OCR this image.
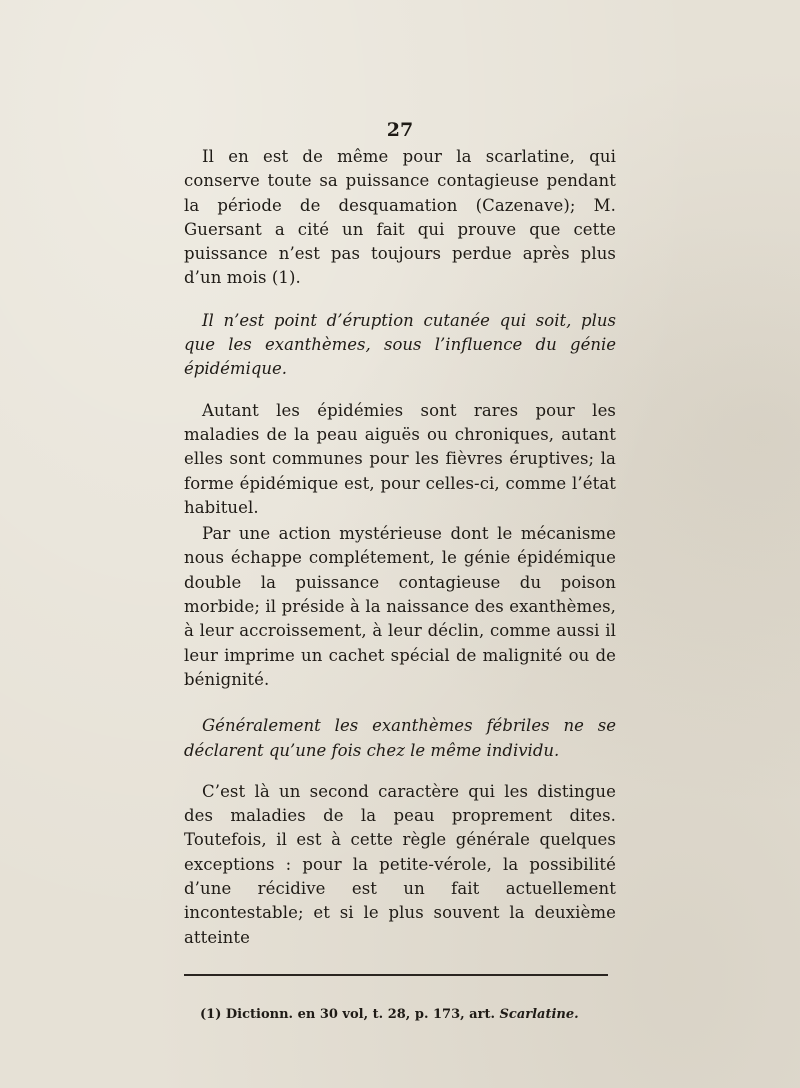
27

Il en est de même pour la scarlatine, qui conserve toute sa puissance contagieuse pendant la période de desquamation (Cazenave); M. Guersant a cité un fait qui prouve que cette puissance n’est pas toujours perdue après plus d’un mois (1).

Il n’est point d’éruption cutanée qui soit, plus que les exanthèmes, sous l’influence du génie épidémique.

Autant les épidémies sont rares pour les maladies de la peau aiguës ou chroniques, autant elles sont communes pour les fièvres éruptives; la forme épidémique est, pour celles-ci, comme l’état habituel.

Par une action mystérieuse dont le mécanisme nous échappe complétement, le génie épidémique double la puissance contagieuse du poison morbide; il préside à la naissance des exanthèmes, à leur accroissement, à leur déclin, comme aussi il leur imprime un cachet spécial de malignité ou de bénignité.

Généralement les exanthèmes fébriles ne se déclarent qu’une fois chez le même individu.

C’est là un second caractère qui les distingue des maladies de la peau proprement dites. Toutefois, il est à cette règle générale quelques exceptions : pour la petite-vérole, la possibilité d’une récidive est un fait actuellement incontestable; et si le plus souvent la deuxième atteinte

(1) Dictionn. en 30 vol, t. 28, p. 173, art. Scarlatine.
